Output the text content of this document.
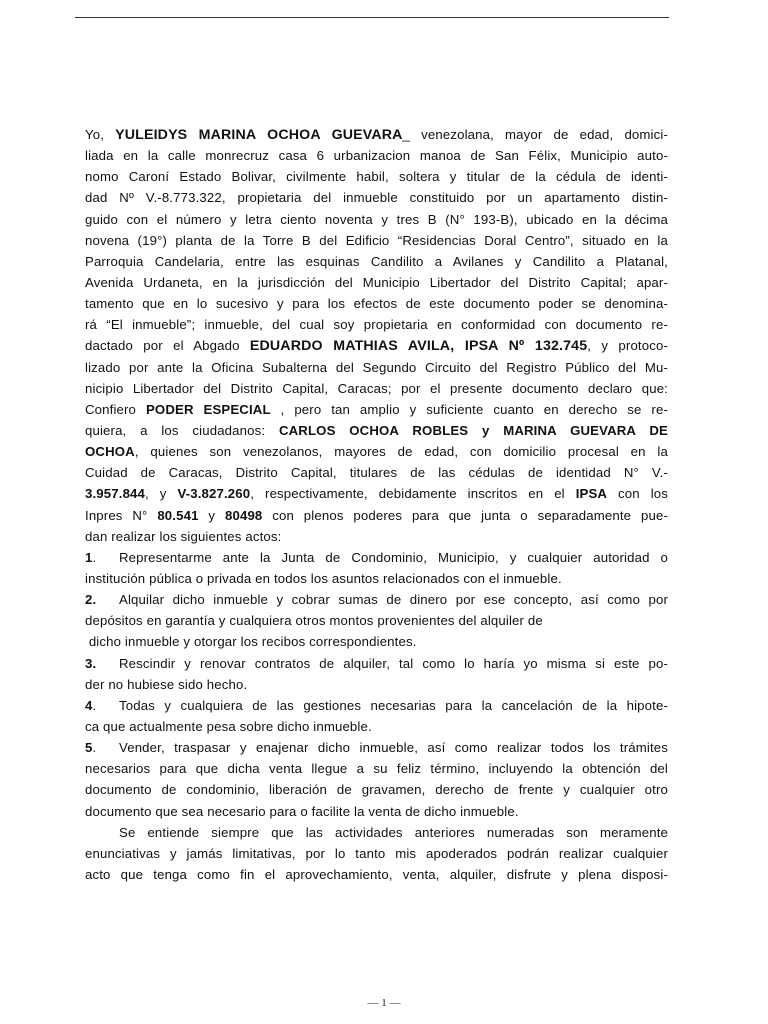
Yo, YULEIDYS MARINA OCHOA GUEVARA_ venezolana, mayor de edad, domici-
liada en la calle monrecruz casa 6 urbanizacion manoa de San Félix, Municipio auto-
nomo Caroní Estado Bolivar, civilmente habil, soltera y titular de la cédula de identi-
dad Nº V.-8.773.322, propietaria del inmueble constituido por un apartamento distin-
guido con el número y letra ciento noventa y tres B (N° 193-B), ubicado en la décima
novena (19°) planta de la Torre B del Edificio “Residencias Doral Centro”, situado en la
Parroquia Candelaria, entre las esquinas Candilito a Avilanes y Candilito a Platanal,
Avenida Urdaneta, en la jurisdicción del Municipio Libertador del Distrito Capital; apar-
tamento que en lo sucesivo y para los efectos de este documento poder se denomina-
rá “El inmueble”; inmueble, del cual soy propietaria en conformidad con documento re-
dactado por el Abgado EDUARDO MATHIAS AVILA, IPSA Nº 132.745, y protoco-
lizado por ante la Oficina Subalterna del Segundo Circuito del Registro Público del Mu-
nicipio Libertador del Distrito Capital, Caracas; por el presente documento declaro que:
Confiero PODER ESPECIAL , pero tan amplio y suficiente cuanto en derecho se re-
quiera, a los ciudadanos: CARLOS OCHOA ROBLES y MARINA GUEVARA DE
OCHOA, quienes son venezolanos, mayores de edad, con domicilio procesal en la
Cuidad de Caracas, Distrito Capital, titulares de las cédulas de identidad N° V.-
3.957.844, y V-3.827.260, respectivamente, debidamente inscritos en el IPSA con los
Inpres N° 80.541 y 80498 con plenos poderes para que junta o separadamente pue-
dan realizar los siguientes actos:
1. Representarme ante la Junta de Condominio, Municipio, y cualquier autoridad o
institución pública o privada en todos los asuntos relacionados con el inmueble.
2. Alquilar dicho inmueble y cobrar sumas de dinero por ese concepto, así como por
depósitos en garantía y cualquiera otros montos provenientes del alquiler de
dicho inmueble y otorgar los recibos correspondientes.
3. Rescindir y renovar contratos de alquiler, tal como lo haría yo misma si este po-
der no hubiese sido hecho.
4. Todas y cualquiera de las gestiones necesarias para la cancelación de la hipote-
ca que actualmente pesa sobre dicho inmueble.
5. Vender, traspasar y enajenar dicho inmueble, así como realizar todos los trámites
necesarios para que dicha venta llegue a su feliz término, incluyendo la obtención del
documento de condominio, liberación de gravamen, derecho de frente y cualquier otro
documento que sea necesario para o facilite la venta de dicho inmueble.
Se entiende siempre que las actividades anteriores numeradas son meramente
enunciativas y jamás limitativas, por lo tanto mis apoderados podrán realizar cualquier
acto que tenga como fin el aprovechamiento, venta, alquiler, disfrute y plena disposi-
— 1 —
